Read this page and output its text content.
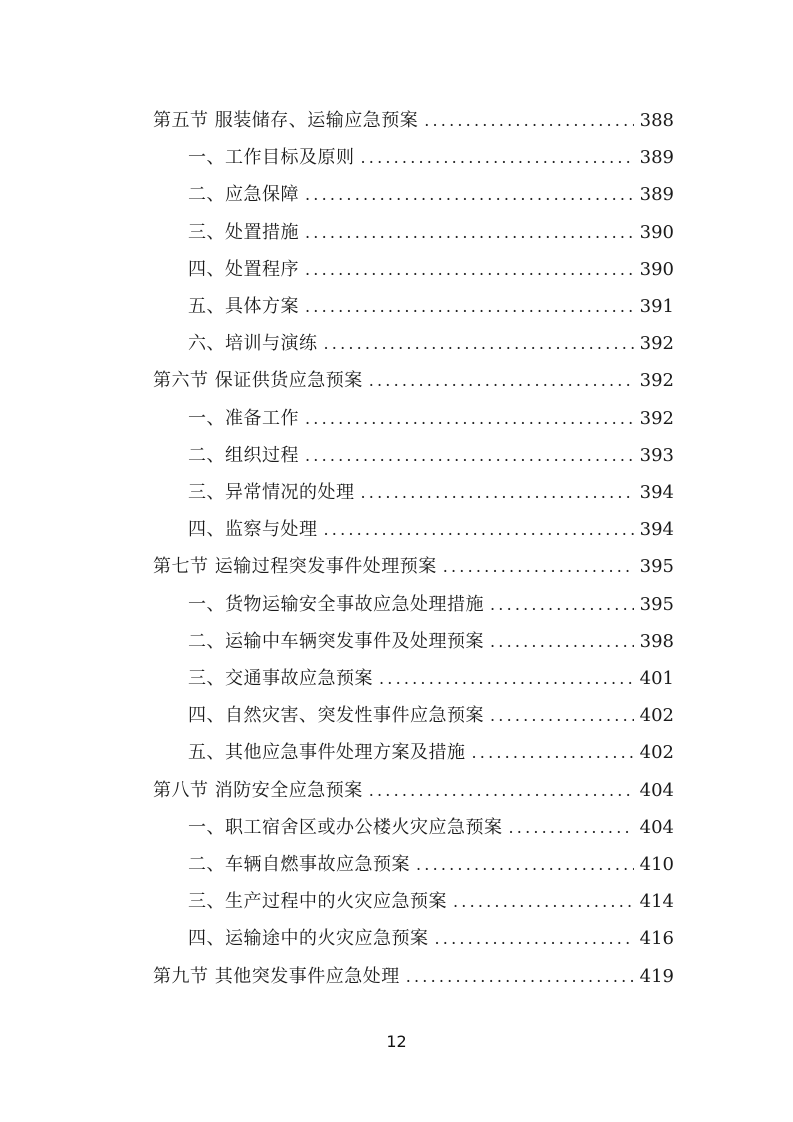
第五节 服装储存、运输应急预案 .....	388
一、工作目标及原则 .....	389
二、应急保障 .....	389
三、处置措施 .....	390
四、处置程序 .....	390
五、具体方案 .....	391
六、培训与演练 .....	392
第六节 保证供货应急预案 .....	392
一、准备工作 .....	392
二、组织过程 .....	393
三、异常情况的处理 .....	394
四、监察与处理 .....	394
第七节 运输过程突发事件处理预案 .....	395
一、货物运输安全事故应急处理措施 .....	395
二、运输中车辆突发事件及处理预案 .....	398
三、交通事故应急预案 .....	401
四、自然灾害、突发性事件应急预案 .....	402
五、其他应急事件处理方案及措施 .....	402
第八节 消防安全应急预案 .....	404
一、职工宿舍区或办公楼火灾应急预案 .....	404
二、车辆自燃事故应急预案 .....	410
三、生产过程中的火灾应急预案 .....	414
四、运输途中的火灾应急预案 .....	416
第九节 其他突发事件应急处理 .....	419
12
